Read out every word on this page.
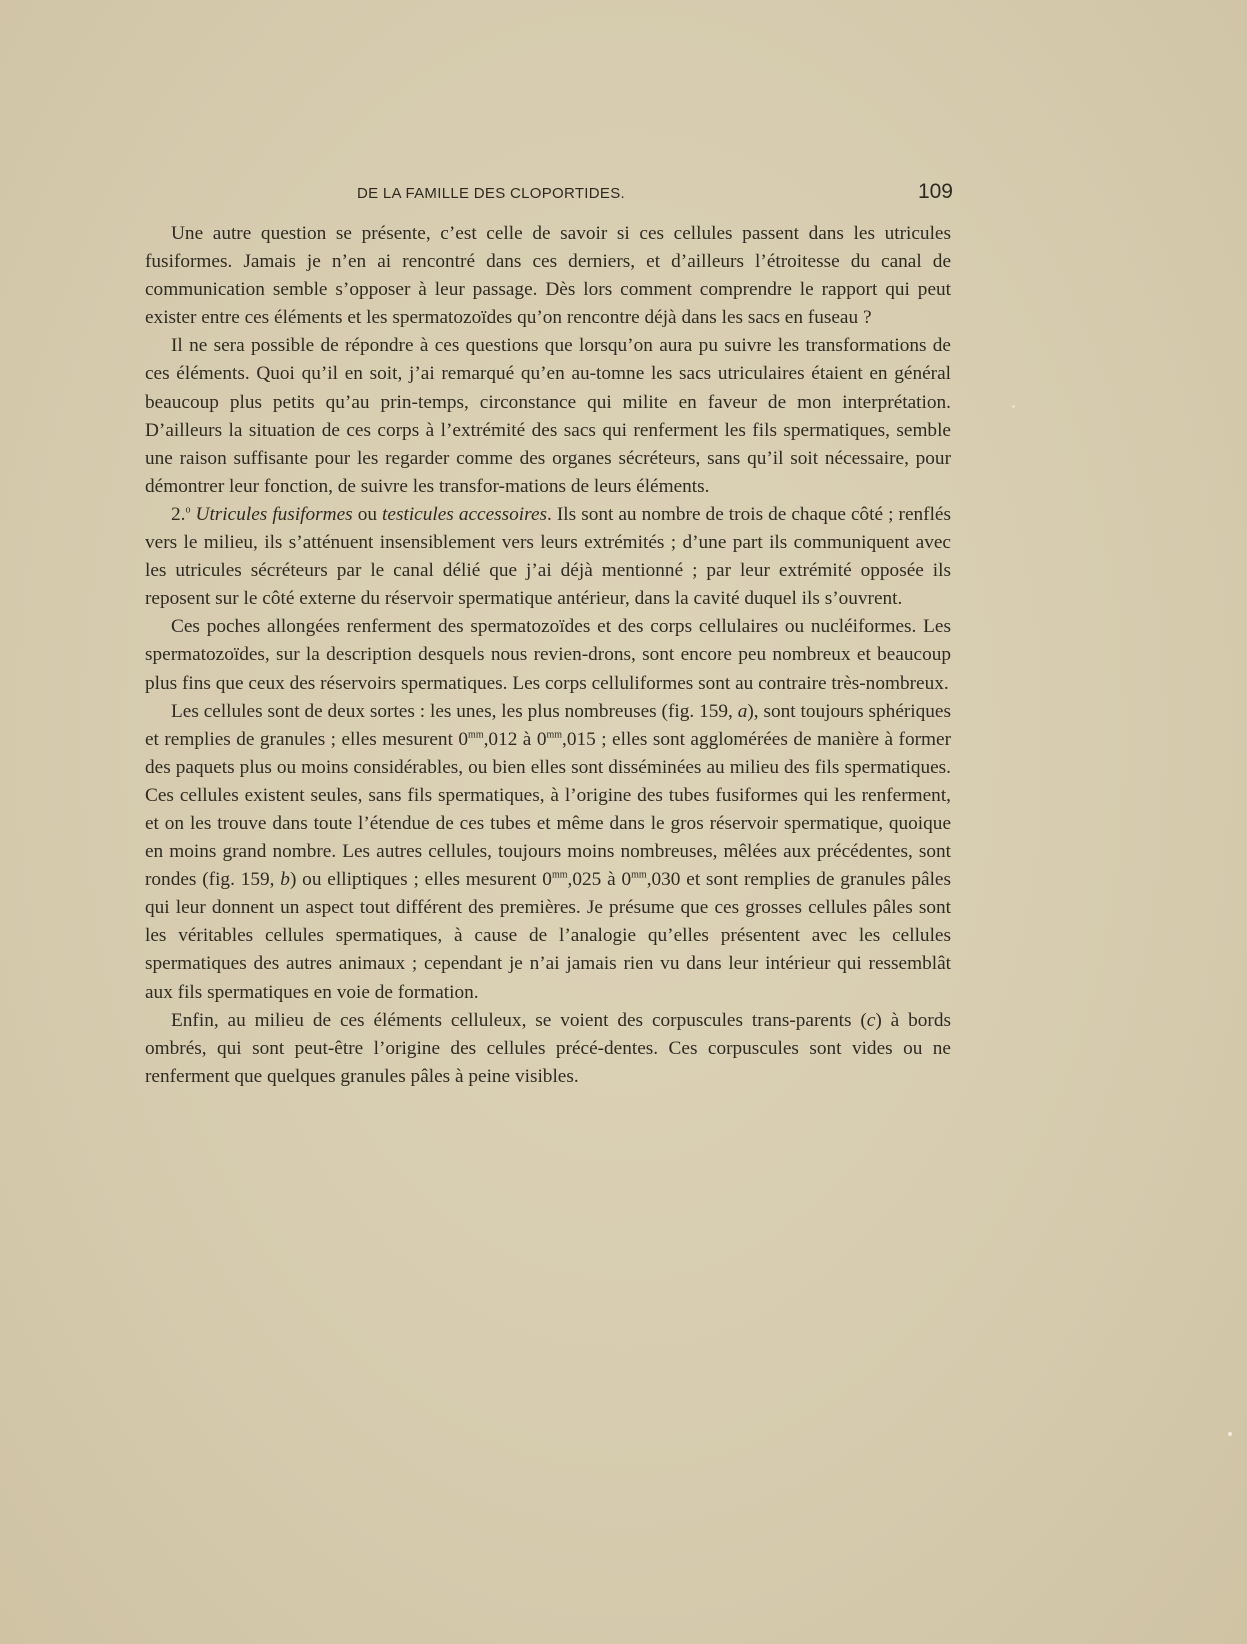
DE LA FAMILLE DES CLOPORTIDES.	109

Une autre question se présente, c’est celle de savoir si ces cellules passent dans les utricules fusiformes. Jamais je n’en ai rencontré dans ces derniers, et d’ailleurs l’étroitesse du canal de communication semble s’opposer à leur passage. Dès lors comment comprendre le rapport qui peut exister entre ces éléments et les spermatozoïdes qu’on rencontre déjà dans les sacs en fuseau ?

Il ne sera possible de répondre à ces questions que lorsqu’on aura pu suivre les transformations de ces éléments. Quoi qu’il en soit, j’ai remarqué qu’en au-tomne les sacs utriculaires étaient en général beaucoup plus petits qu’au prin-temps, circonstance qui milite en faveur de mon interprétation. D’ailleurs la situation de ces corps à l’extrémité des sacs qui renferment les fils spermatiques, semble une raison suffisante pour les regarder comme des organes sécréteurs, sans qu’il soit nécessaire, pour démontrer leur fonction, de suivre les transfor-mations de leurs éléments.

2.$^o$ Utricules fusiformes ou testicules accessoires. Ils sont au nombre de trois de chaque côté ; renflés vers le milieu, ils s’atténuent insensiblement vers leurs extrémités ; d’une part ils communiquent avec les utricules sécréteurs par le canal délié que j’ai déjà mentionné ; par leur extrémité opposée ils reposent sur le côté externe du réservoir spermatique antérieur, dans la cavité duquel ils s’ouvrent.

Ces poches allongées renferment des spermatozoïdes et des corps cellulaires ou nucléiformes. Les spermatozoïdes, sur la description desquels nous revien-drons, sont encore peu nombreux et beaucoup plus fins que ceux des réservoirs spermatiques. Les corps celluliformes sont au contraire très-nombreux.

Les cellules sont de deux sortes : les unes, les plus nombreuses (fig. 159, a), sont toujours sphériques et remplies de granules ; elles mesurent $0^{mm},012$ à $0^{mm},015$ ; elles sont agglomérées de manière à former des paquets plus ou moins considérables, ou bien elles sont disséminées au milieu des fils spermatiques. Ces cellules existent seules, sans fils spermatiques, à l’origine des tubes fusiformes qui les renferment, et on les trouve dans toute l’étendue de ces tubes et même dans le gros réservoir spermatique, quoique en moins grand nombre. Les autres cellules, toujours moins nombreuses, mêlées aux précédentes, sont rondes (fig. 159, b) ou elliptiques ; elles mesurent $0^{mm},025$ à $0^{mm},030$ et sont remplies de granules pâles qui leur donnent un aspect tout différent des premières. Je présume que ces grosses cellules pâles sont les véritables cellules spermatiques, à cause de l’analogie qu’elles présentent avec les cellules spermatiques des autres animaux ; cependant je n’ai jamais rien vu dans leur intérieur qui ressemblât aux fils spermatiques en voie de formation.

Enfin, au milieu de ces éléments celluleux, se voient des corpuscules trans-parents (c) à bords ombrés, qui sont peut-être l’origine des cellules précé-dentes. Ces corpuscules sont vides ou ne renferment que quelques granules pâles à peine visibles.
